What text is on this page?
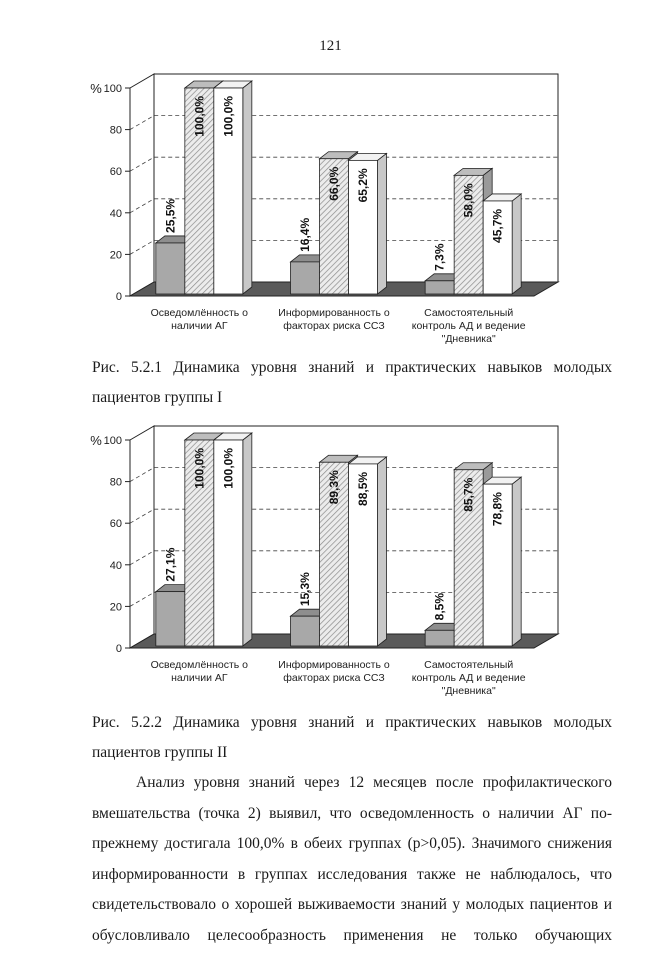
121
0
20
40
60
80
100
%
25,5%
100,0% 100,0%
Осведомлённость о
наличии АГ
16,4%
66,0% 65,2%
Информированность о
факторах риска ССЗ
7,3%
58,0%
45,7%
Самостоятельный
контроль АД и ведение
"Дневника"
Рис. 5.2.1 Динамика уровня знаний и практических навыков молодых
пациентов группы I
0
20
40
60
80
100
%
27,1%
100,0% 100,0%
Осведомлённость о
наличии АГ
15,3%
89,3% 88,5%
Информированность о
факторах риска ССЗ
8,5%
85,7% 78,8%
Самостоятельный
контроль АД и ведение
"Дневника"
Рис. 5.2.2 Динамика уровня знаний и практических навыков молодых
пациентов группы II
Анализ уровня знаний через 12 месяцев после профилактического вмешательства (точка 2) выявил, что осведомленность о наличии АГ по-прежнему достигала 100,0% в обеих группах (р>0,05). Значимого снижения информированности в группах исследования также не наблюдалось, что свидетельствовало о хорошей выживаемости знаний у молодых пациентов и обусловливало целесообразность применения не только обучающих
